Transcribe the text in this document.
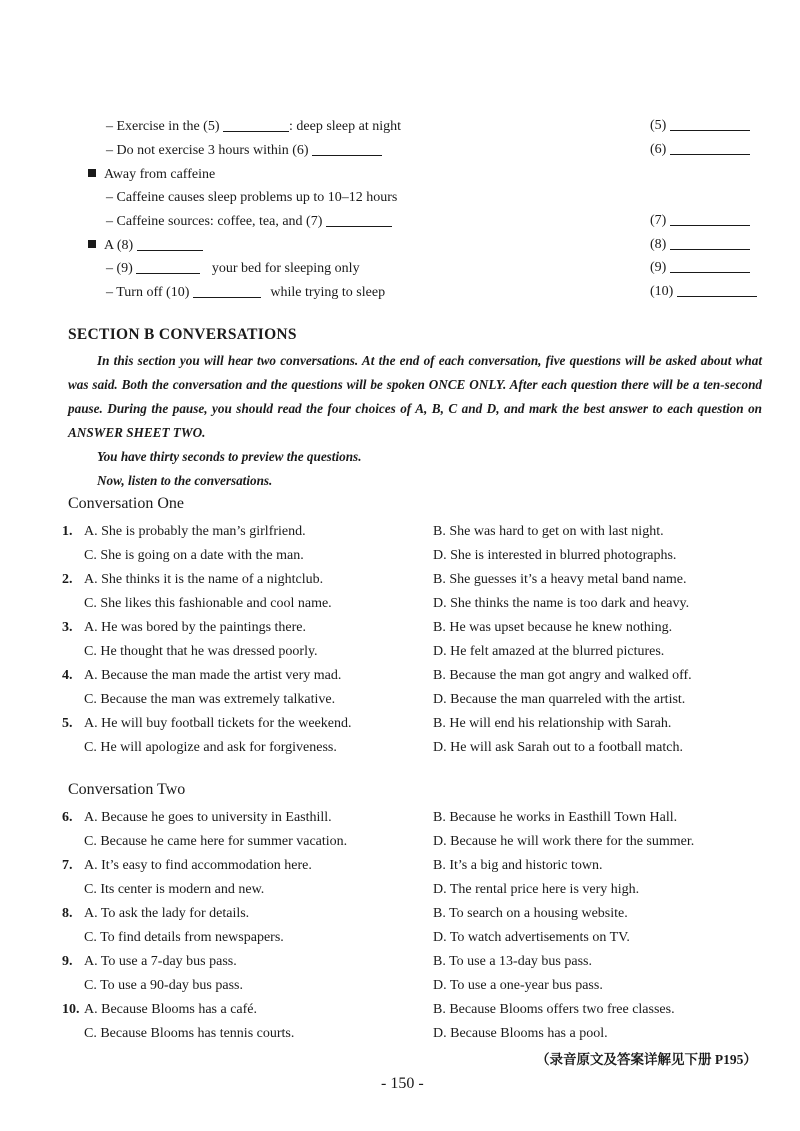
– Exercise in the (5)	: deep sleep at night	(5)
– Do not exercise 3 hours within (6)	(6)
Away from caffeine
– Caffeine causes sleep problems up to 10–12 hours
– Caffeine sources: coffee, tea, and (7)	(7)
A (8)	(8)
– (9)	your bed for sleeping only	(9)
– Turn off (10)	while trying to sleep	(10)
SECTION B CONVERSATIONS
In this section you will hear two conversations. At the end of each conversation, five questions will be asked about what was said. Both the conversation and the questions will be spoken ONCE ONLY. After each question there will be a ten-second pause. During the pause, you should read the four choices of A, B, C and D, and mark the best answer to each question on ANSWER SHEET TWO.
You have thirty seconds to preview the questions.
Now, listen to the conversations.
Conversation One
1. A. She is probably the man’s girlfriend.	B. She was hard to get on with last night.
C. She is going on a date with the man.	D. She is interested in blurred photographs.
2. A. She thinks it is the name of a nightclub.	B. She guesses it’s a heavy metal band name.
C. She likes this fashionable and cool name.	D. She thinks the name is too dark and heavy.
3. A. He was bored by the paintings there.	B. He was upset because he knew nothing.
C. He thought that he was dressed poorly.	D. He felt amazed at the blurred pictures.
4. A. Because the man made the artist very mad.	B. Because the man got angry and walked off.
C. Because the man was extremely talkative.	D. Because the man quarreled with the artist.
5. A. He will buy football tickets for the weekend.	B. He will end his relationship with Sarah.
C. He will apologize and ask for forgiveness.	D. He will ask Sarah out to a football match.
Conversation Two
6. A. Because he goes to university in Easthill.	B. Because he works in Easthill Town Hall.
C. Because he came here for summer vacation.	D. Because he will work there for the summer.
7. A. It’s easy to find accommodation here.	B. It’s a big and historic town.
C. Its center is modern and new.	D. The rental price here is very high.
8. A. To ask the lady for details.	B. To search on a housing website.
C. To find details from newspapers.	D. To watch advertisements on TV.
9. A. To use a 7-day bus pass.	B. To use a 13-day bus pass.
C. To use a 90-day bus pass.	D. To use a one-year bus pass.
10. A. Because Blooms has a café.	B. Because Blooms offers two free classes.
C. Because Blooms has tennis courts.	D. Because Blooms has a pool.
（录音原文及答案详解见下册 P195）
- 150 -
